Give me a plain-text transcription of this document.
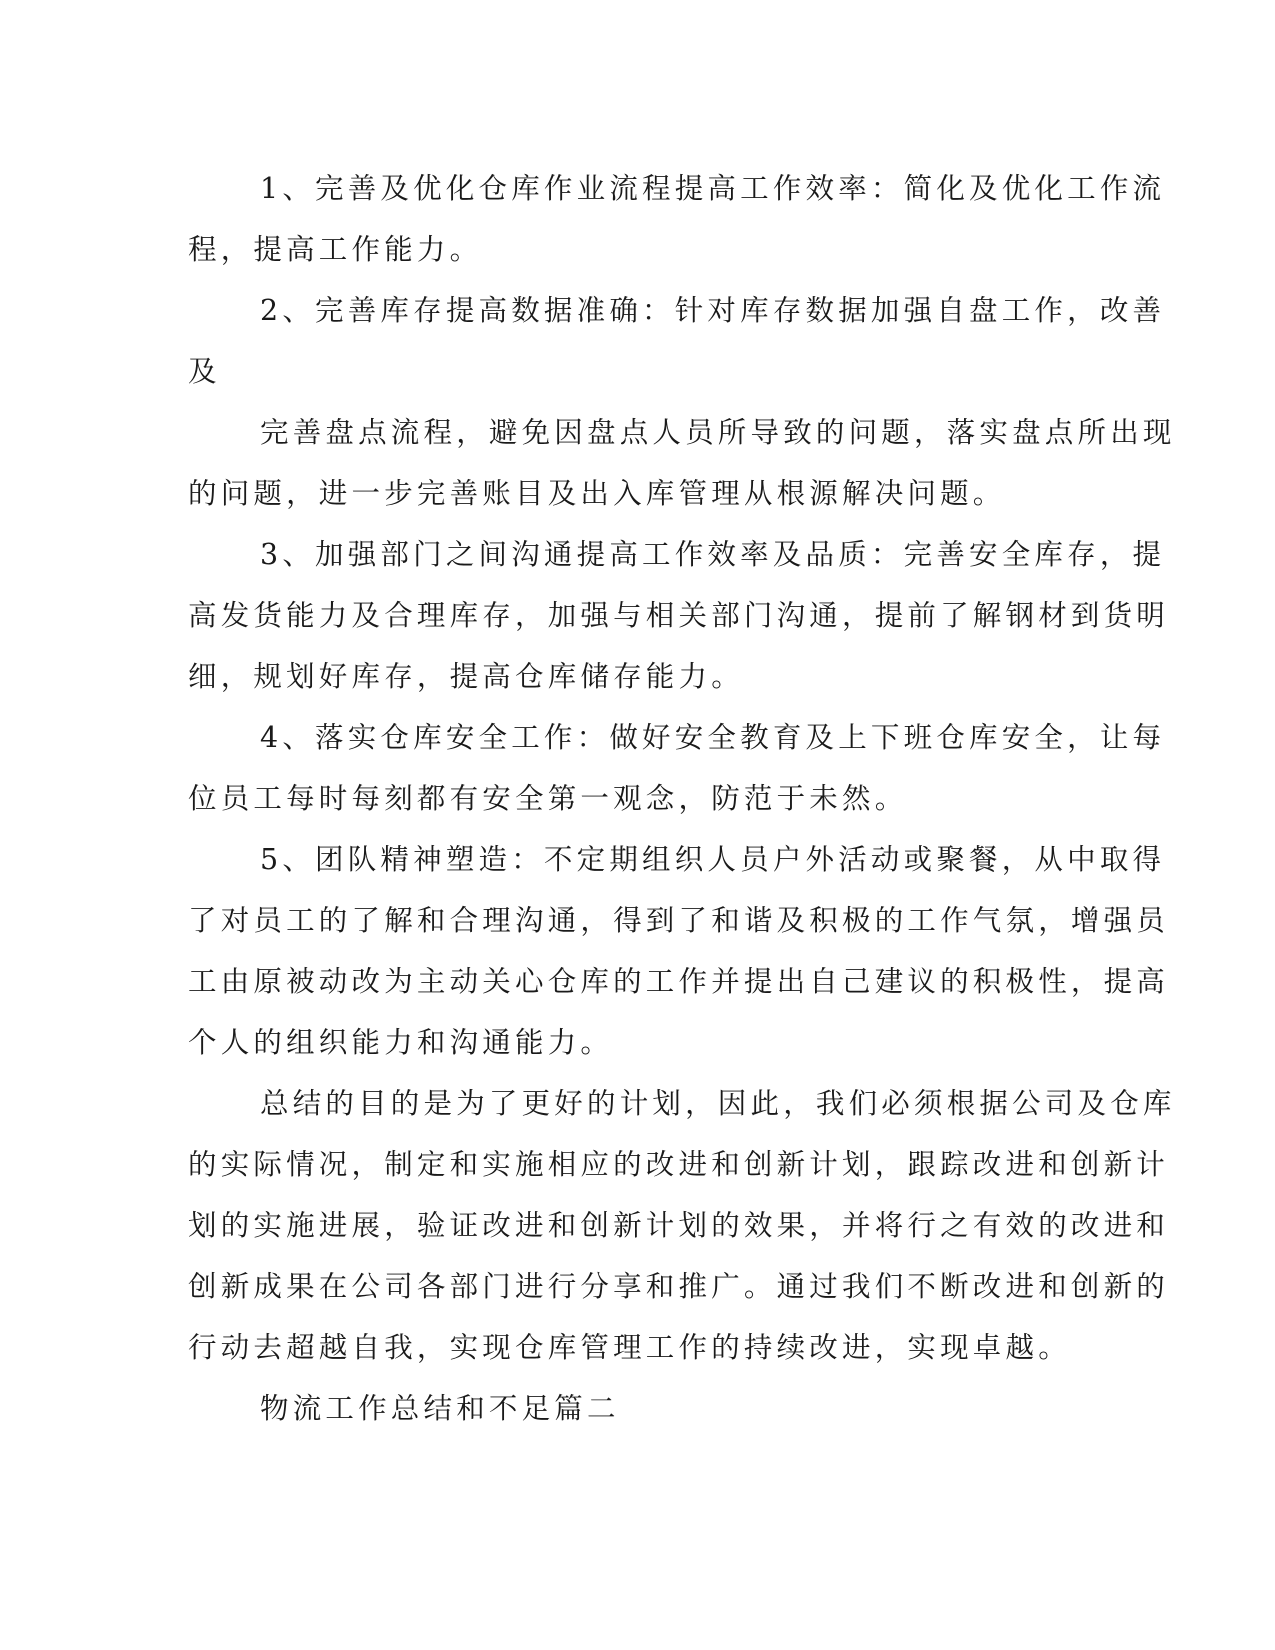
1、完善及优化仓库作业流程提高工作效率：简化及优化工作流
程，提高工作能力。
2、完善库存提高数据准确：针对库存数据加强自盘工作，改善
及
完善盘点流程，避免因盘点人员所导致的问题，落实盘点所出现
的问题，进一步完善账目及出入库管理从根源解决问题。
3、加强部门之间沟通提高工作效率及品质：完善安全库存，提
高发货能力及合理库存，加强与相关部门沟通，提前了解钢材到货明
细，规划好库存，提高仓库储存能力。
4、落实仓库安全工作：做好安全教育及上下班仓库安全，让每
位员工每时每刻都有安全第一观念，防范于未然。
5、团队精神塑造：不定期组织人员户外活动或聚餐，从中取得
了对员工的了解和合理沟通，得到了和谐及积极的工作气氛，增强员
工由原被动改为主动关心仓库的工作并提出自己建议的积极性，提高
个人的组织能力和沟通能力。
总结的目的是为了更好的计划，因此，我们必须根据公司及仓库
的实际情况，制定和实施相应的改进和创新计划，跟踪改进和创新计
划的实施进展，验证改进和创新计划的效果，并将行之有效的改进和
创新成果在公司各部门进行分享和推广。通过我们不断改进和创新的
行动去超越自我，实现仓库管理工作的持续改进，实现卓越。
物流工作总结和不足篇二
